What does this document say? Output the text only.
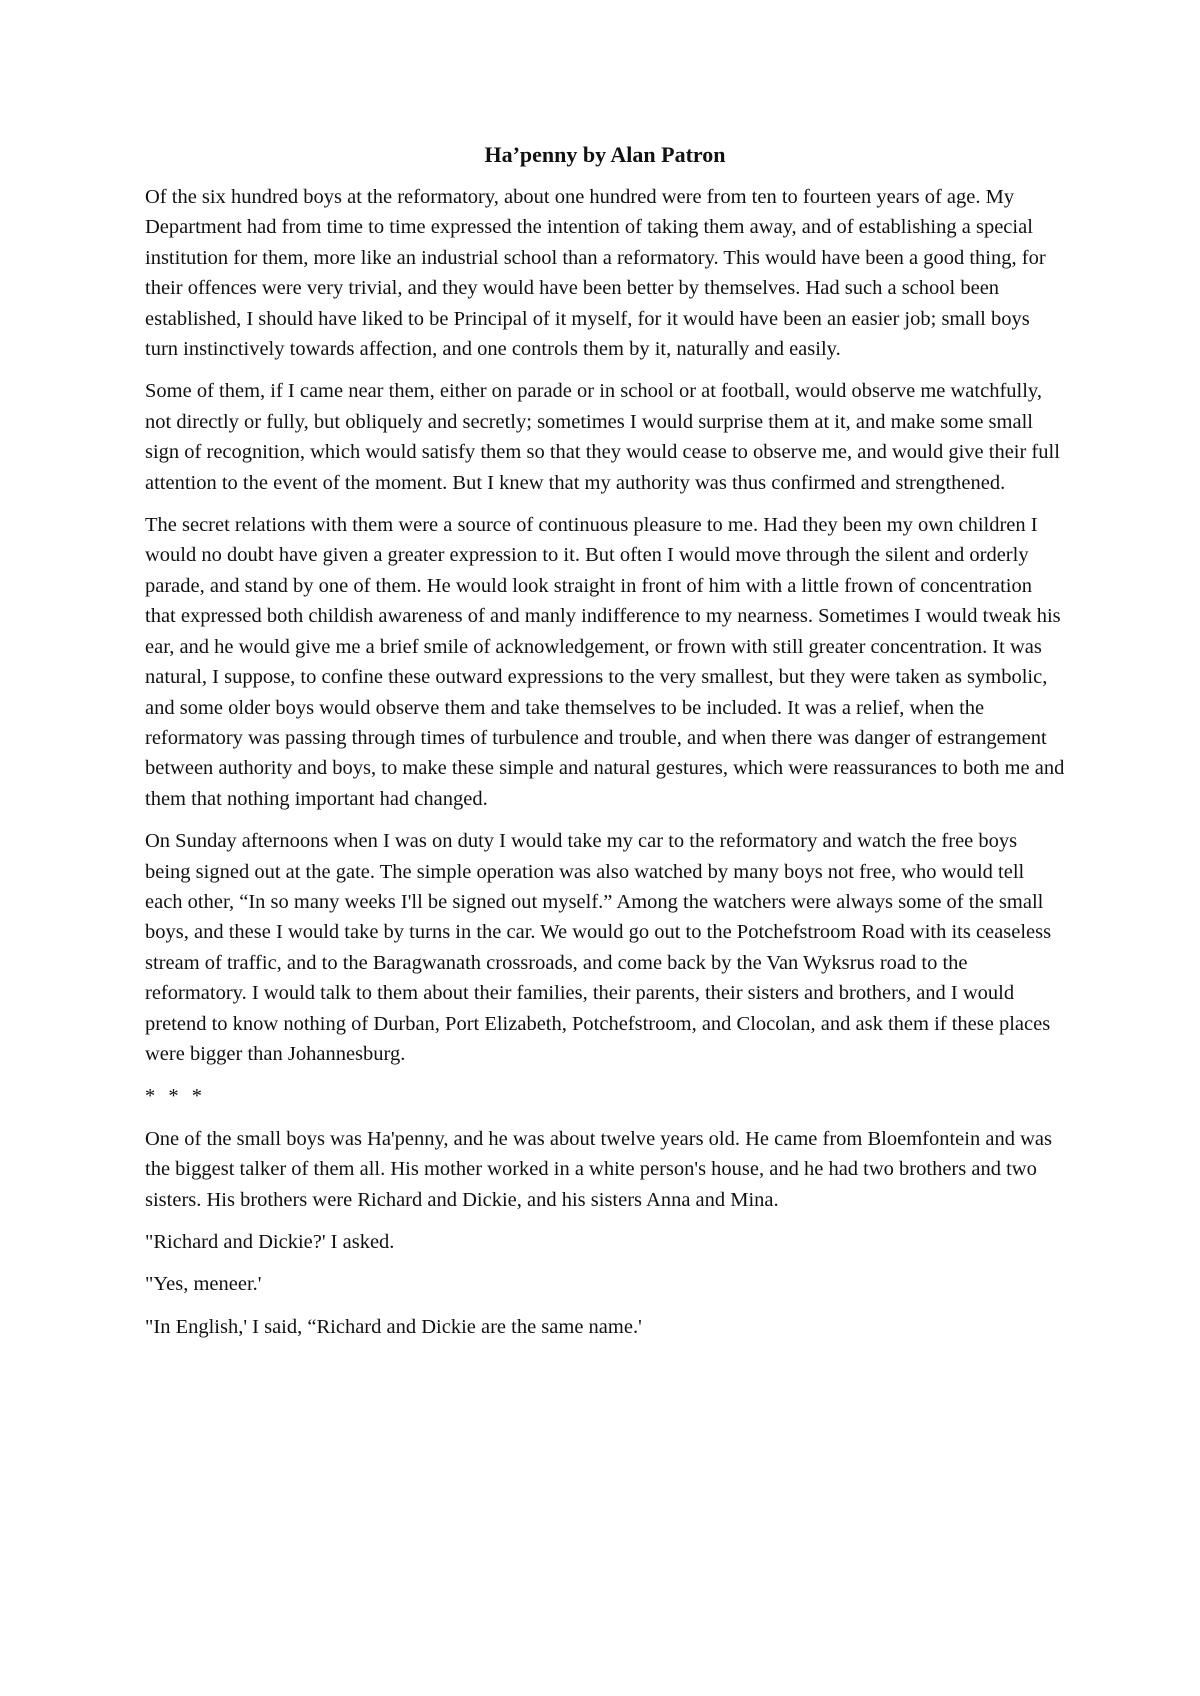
Ha’penny by Alan Patron

Of the six hundred boys at the reformatory, about one hundred were from ten to fourteen years of age. My Department had from time to time expressed the intention of taking them away, and of establishing a special institution for them, more like an industrial school than a reformatory. This would have been a good thing, for their offences were very trivial, and they would have been better by themselves. Had such a school been established, I should have liked to be Principal of it myself, for it would have been an easier job; small boys turn instinctively towards affection, and one controls them by it, naturally and easily.

Some of them, if I came near them, either on parade or in school or at football, would observe me watchfully, not directly or fully, but obliquely and secretly; sometimes I would surprise them at it, and make some small sign of recognition, which would satisfy them so that they would cease to observe me, and would give their full attention to the event of the moment. But I knew that my authority was thus confirmed and strengthened.

The secret relations with them were a source of continuous pleasure to me. Had they been my own children I would no doubt have given a greater expression to it. But often I would move through the silent and orderly parade, and stand by one of them. He would look straight in front of him with a little frown of concentration that expressed both childish awareness of and manly indifference to my nearness. Sometimes I would tweak his ear, and he would give me a brief smile of acknowledgement, or frown with still greater concentration. It was natural, I suppose, to confine these outward expressions to the very smallest, but they were taken as symbolic, and some older boys would observe them and take themselves to be included. It was a relief, when the reformatory was passing through times of turbulence and trouble, and when there was danger of estrangement between authority and boys, to make these simple and natural gestures, which were reassurances to both me and them that nothing important had changed.

On Sunday afternoons when I was on duty I would take my car to the reformatory and watch the free boys being signed out at the gate. The simple operation was also watched by many boys not free, who would tell each other, “In so many weeks I'll be signed out myself.” Among the watchers were always some of the small boys, and these I would take by turns in the car. We would go out to the Potchefstroom Road with its ceaseless stream of traffic, and to the Baragwanath crossroads, and come back by the Van Wyksrus road to the reformatory. I would talk to them about their families, their parents, their sisters and brothers, and I would pretend to know nothing of Durban, Port Elizabeth, Potchefstroom, and Clocolan, and ask them if these places were bigger than Johannesburg.

* * *

One of the small boys was Ha'penny, and he was about twelve years old. He came from Bloemfontein and was the biggest talker of them all. His mother worked in a white person's house, and he had two brothers and two sisters. His brothers were Richard and Dickie, and his sisters Anna and Mina.

"Richard and Dickie?' I asked.

"Yes, meneer.'

"In English,' I said, “Richard and Dickie are the same name.'
